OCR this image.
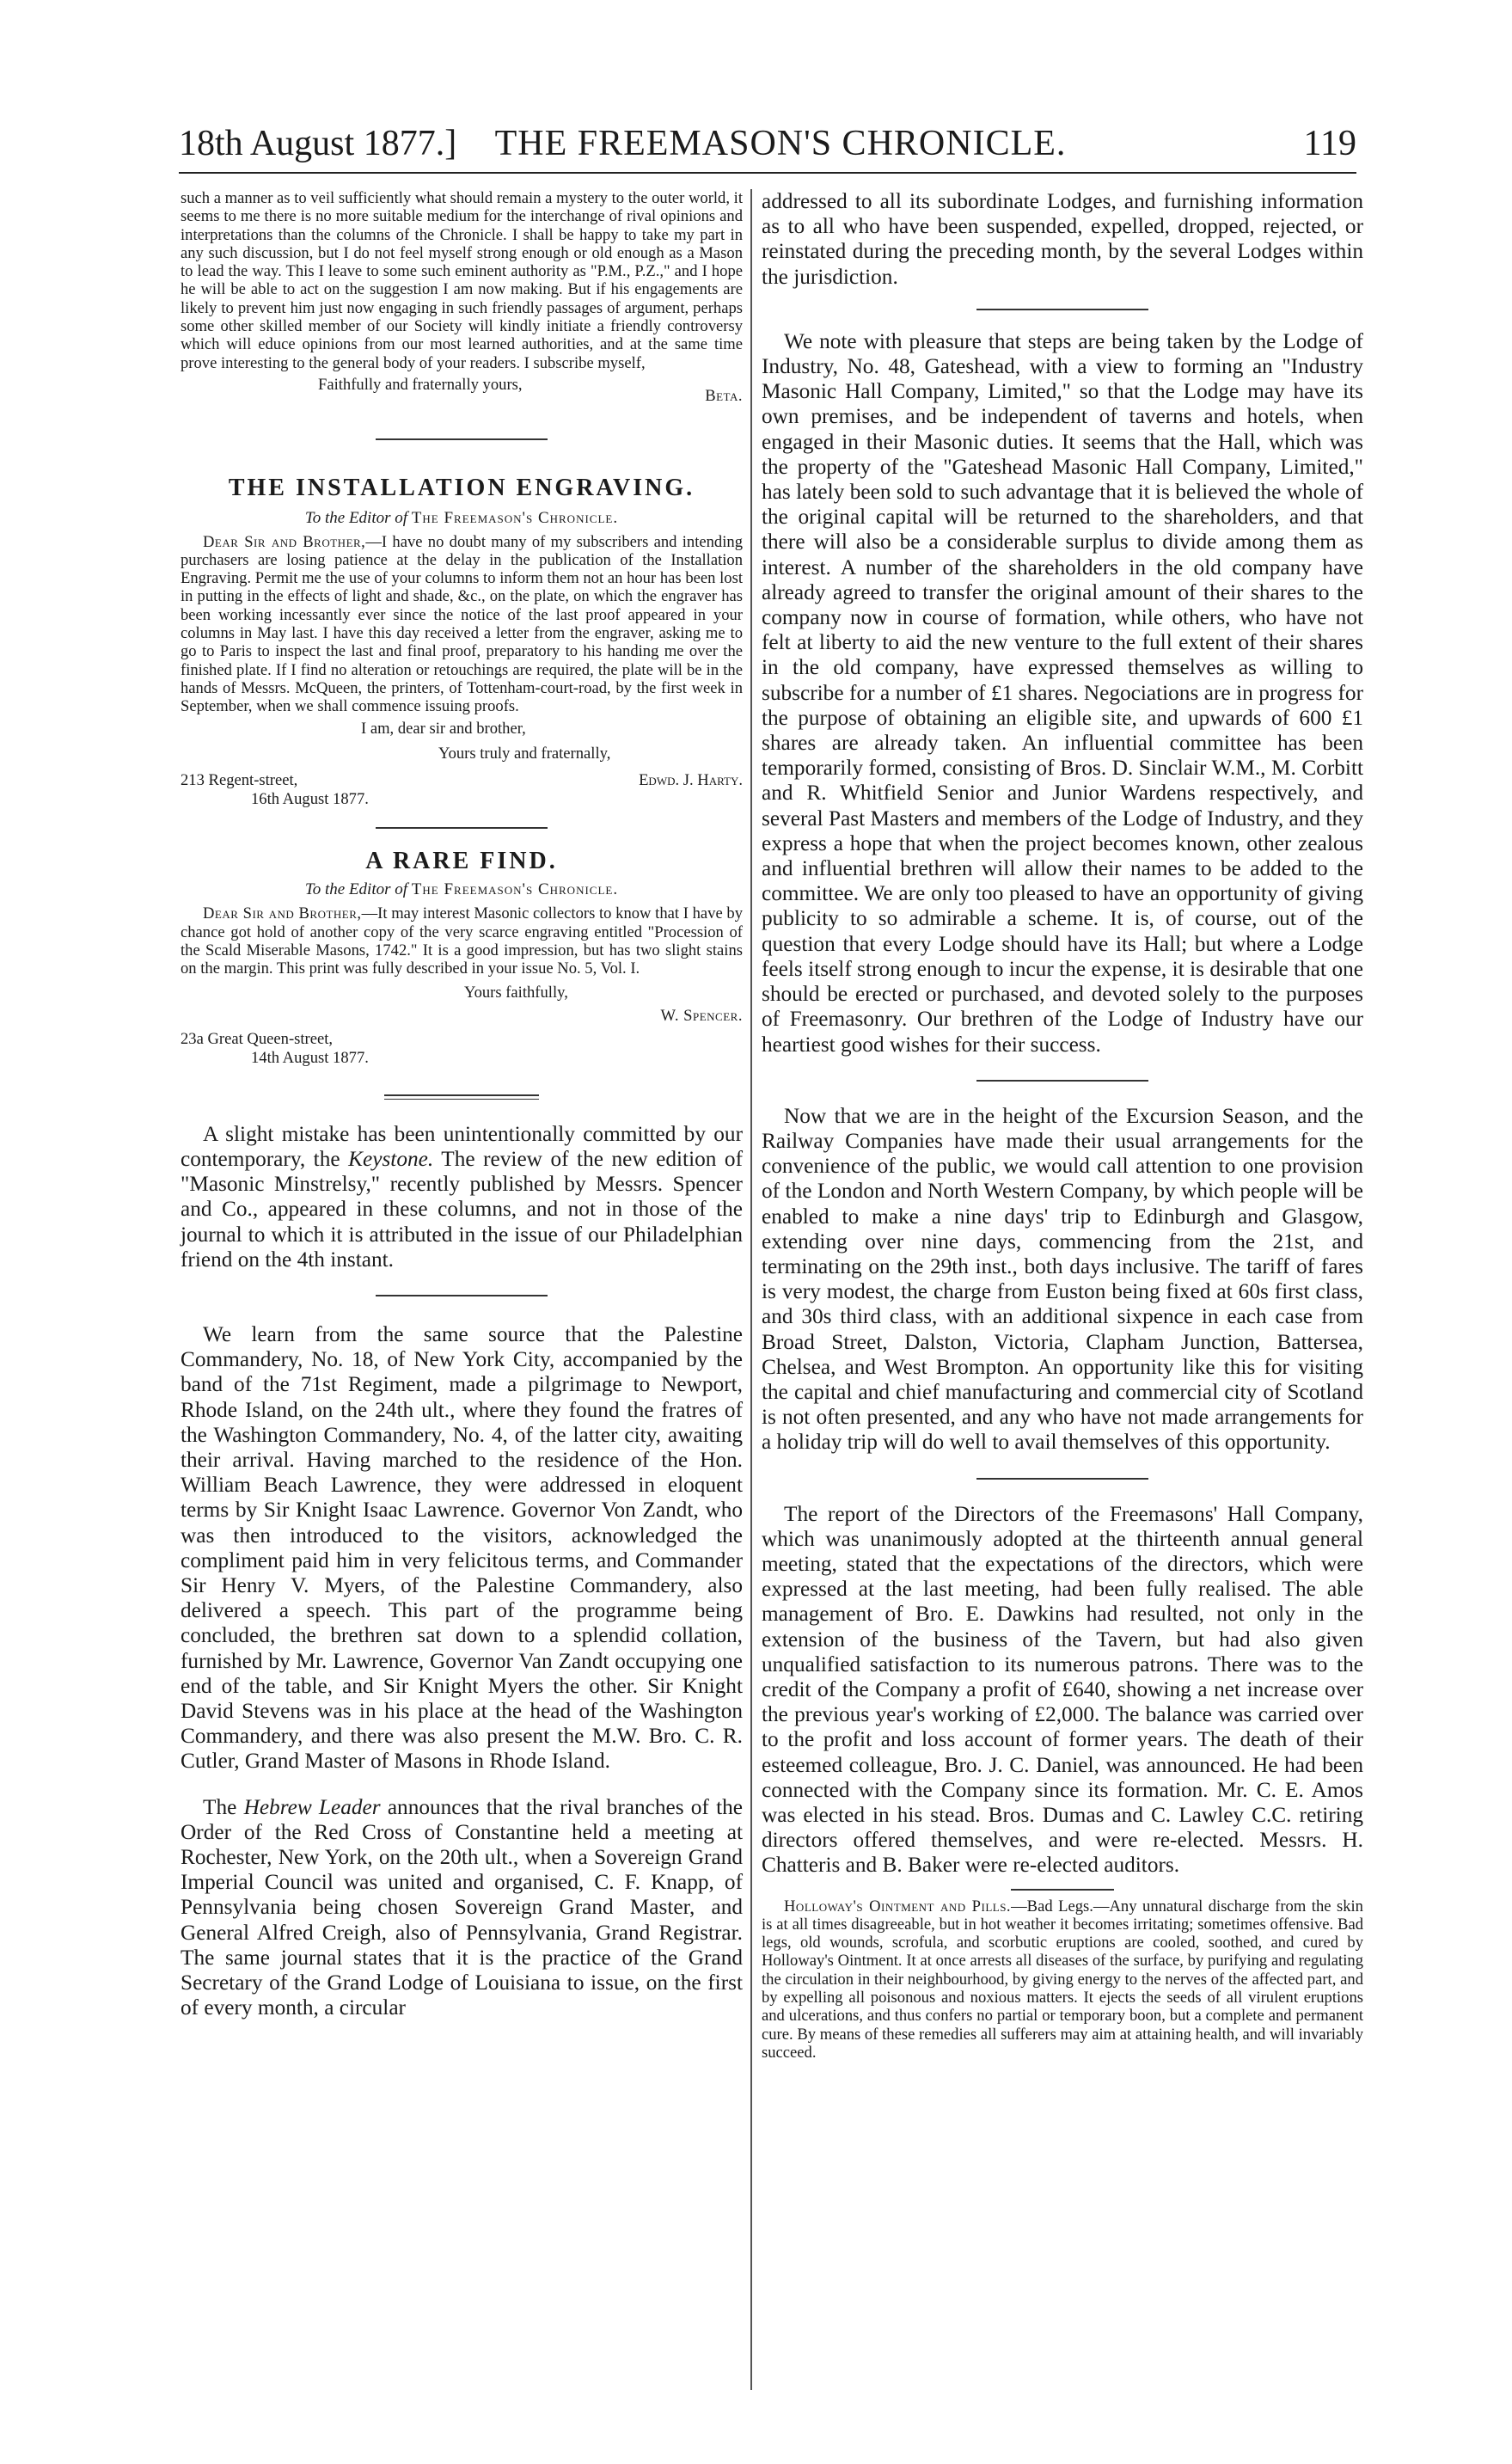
18th August 1877.] THE FREEMASON'S CHRONICLE.	119

such a manner as to veil sufficiently what should remain a mystery to the outer world, it seems to me there is no more suitable medium for the interchange of rival opinions and interpretations than the columns of the Chronicle. I shall be happy to take my part in any such discussion, but I do not feel myself strong enough or old enough as a Mason to lead the way. This I leave to some such eminent authority as "P.M., P.Z.," and I hope he will be able to act on the suggestion I am now making. But if his engagements are likely to prevent him just now engaging in such friendly passages of argument, perhaps some other skilled member of our Society will kindly initiate a friendly controversy which will educe opinions from our most learned authorities, and at the same time prove interesting to the general body of your readers. I subscribe myself,

Faithfully and fraternally yours,

Beta.

THE INSTALLATION ENGRAVING.

To the Editor of The Freemason's Chronicle.

Dear Sir and Brother,—I have no doubt many of my subscribers and intending purchasers are losing patience at the delay in the publication of the Installation Engraving. Permit me the use of your columns to inform them not an hour has been lost in putting in the effects of light and shade, &c., on the plate, on which the engraver has been working incessantly ever since the notice of the last proof appeared in your columns in May last. I have this day received a letter from the engraver, asking me to go to Paris to inspect the last and final proof, preparatory to his handing me over the finished plate. If I find no alteration or retouchings are required, the plate will be in the hands of Messrs. McQueen, the printers, of Tottenham-court-road, by the first week in September, when we shall commence issuing proofs.

I am, dear sir and brother,

Yours truly and fraternally,

213 Regent-street,	Edwd. J. Harty.

16th August 1877.

A RARE FIND.

To the Editor of The Freemason's Chronicle.

Dear Sir and Brother,—It may interest Masonic collectors to know that I have by chance got hold of another copy of the very scarce engraving entitled "Procession of the Scald Miserable Masons, 1742." It is a good impression, but has two slight stains on the margin. This print was fully described in your issue No. 5, Vol. I.

Yours faithfully,

W. Spencer.

23a Great Queen-street,

14th August 1877.

A slight mistake has been unintentionally committed by our contemporary, the Keystone. The review of the new edition of "Masonic Minstrelsy," recently published by Messrs. Spencer and Co., appeared in these columns, and not in those of the journal to which it is attributed in the issue of our Philadelphian friend on the 4th instant.

We learn from the same source that the Palestine Commandery, No. 18, of New York City, accompanied by the band of the 71st Regiment, made a pilgrimage to Newport, Rhode Island, on the 24th ult., where they found the fratres of the Washington Commandery, No. 4, of the latter city, awaiting their arrival. Having marched to the residence of the Hon. William Beach Lawrence, they were addressed in eloquent terms by Sir Knight Isaac Lawrence. Governor Von Zandt, who was then introduced to the visitors, acknowledged the compliment paid him in very felicitous terms, and Commander Sir Henry V. Myers, of the Palestine Commandery, also delivered a speech. This part of the programme being concluded, the brethren sat down to a splendid collation, furnished by Mr. Lawrence, Governor Van Zandt occupying one end of the table, and Sir Knight Myers the other. Sir Knight David Stevens was in his place at the head of the Washington Commandery, and there was also present the M.W. Bro. C. R. Cutler, Grand Master of Masons in Rhode Island.

The Hebrew Leader announces that the rival branches of the Order of the Red Cross of Constantine held a meeting at Rochester, New York, on the 20th ult., when a Sovereign Grand Imperial Council was united and organised, C. F. Knapp, of Pennsylvania being chosen Sovereign Grand Master, and General Alfred Creigh, also of Pennsylvania, Grand Registrar. The same journal states that it is the practice of the Grand Secretary of the Grand Lodge of Louisiana to issue, on the first of every month, a circular

addressed to all its subordinate Lodges, and furnishing information as to all who have been suspended, expelled, dropped, rejected, or reinstated during the preceding month, by the several Lodges within the jurisdiction.

We note with pleasure that steps are being taken by the Lodge of Industry, No. 48, Gateshead, with a view to forming an "Industry Masonic Hall Company, Limited," so that the Lodge may have its own premises, and be independent of taverns and hotels, when engaged in their Masonic duties. It seems that the Hall, which was the property of the "Gateshead Masonic Hall Company, Limited," has lately been sold to such advantage that it is believed the whole of the original capital will be returned to the shareholders, and that there will also be a considerable surplus to divide among them as interest. A number of the shareholders in the old company have already agreed to transfer the original amount of their shares to the company now in course of formation, while others, who have not felt at liberty to aid the new venture to the full extent of their shares in the old company, have expressed themselves as willing to subscribe for a number of £1 shares. Negociations are in progress for the purpose of obtaining an eligible site, and upwards of 600 £1 shares are already taken. An influential committee has been temporarily formed, consisting of Bros. D. Sinclair W.M., M. Corbitt and R. Whitfield Senior and Junior Wardens respectively, and several Past Masters and members of the Lodge of Industry, and they express a hope that when the project becomes known, other zealous and influential brethren will allow their names to be added to the committee. We are only too pleased to have an opportunity of giving publicity to so admirable a scheme. It is, of course, out of the question that every Lodge should have its Hall; but where a Lodge feels itself strong enough to incur the expense, it is desirable that one should be erected or purchased, and devoted solely to the purposes of Freemasonry. Our brethren of the Lodge of Industry have our heartiest good wishes for their success.

Now that we are in the height of the Excursion Season, and the Railway Companies have made their usual arrangements for the convenience of the public, we would call attention to one provision of the London and North Western Company, by which people will be enabled to make a nine days' trip to Edinburgh and Glasgow, extending over nine days, commencing from the 21st, and terminating on the 29th inst., both days inclusive. The tariff of fares is very modest, the charge from Euston being fixed at 60s first class, and 30s third class, with an additional sixpence in each case from Broad Street, Dalston, Victoria, Clapham Junction, Battersea, Chelsea, and West Brompton. An opportunity like this for visiting the capital and chief manufacturing and commercial city of Scotland is not often presented, and any who have not made arrangements for a holiday trip will do well to avail themselves of this opportunity.

The report of the Directors of the Freemasons' Hall Company, which was unanimously adopted at the thirteenth annual general meeting, stated that the expectations of the directors, which were expressed at the last meeting, had been fully realised. The able management of Bro. E. Dawkins had resulted, not only in the extension of the business of the Tavern, but had also given unqualified satisfaction to its numerous patrons. There was to the credit of the Company a profit of £640, showing a net increase over the previous year's working of £2,000. The balance was carried over to the profit and loss account of former years. The death of their esteemed colleague, Bro. J. C. Daniel, was announced. He had been connected with the Company since its formation. Mr. C. E. Amos was elected in his stead. Bros. Dumas and C. Lawley C.C. retiring directors offered themselves, and were re-elected. Messrs. H. Chatteris and B. Baker were re-elected auditors.

Holloway's Ointment and Pills.—Bad Legs.—Any unnatural discharge from the skin is at all times disagreeable, but in hot weather it becomes irritating; sometimes offensive. Bad legs, old wounds, scrofula, and scorbutic eruptions are cooled, soothed, and cured by Holloway's Ointment. It at once arrests all diseases of the surface, by purifying and regulating the circulation in their neighbourhood, by giving energy to the nerves of the affected part, and by expelling all poisonous and noxious matters. It ejects the seeds of all virulent eruptions and ulcerations, and thus confers no partial or temporary boon, but a complete and permanent cure. By means of these remedies all sufferers may aim at attaining health, and will invariably succeed.
